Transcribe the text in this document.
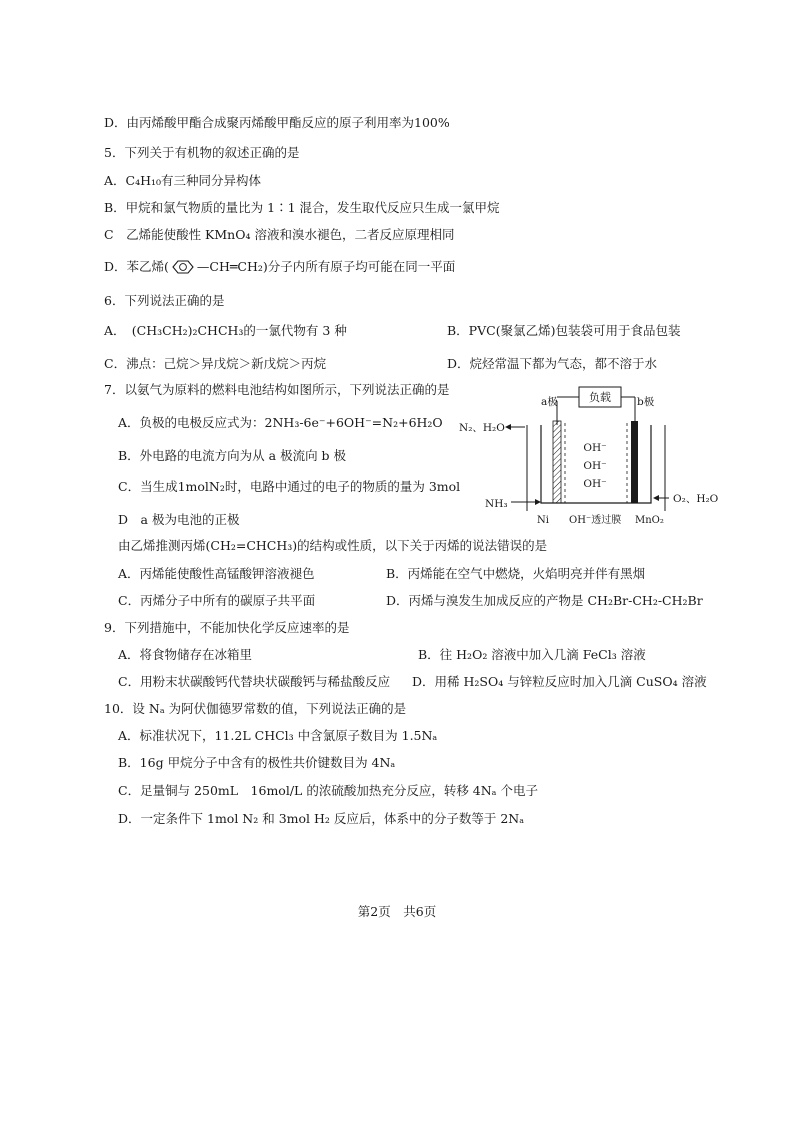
D．由丙烯酸甲酯合成聚丙烯酸甲酯反应的原子利用率为100%
5．下列关于有机物的叙述正确的是
A．C₄H₁₀有三种同分异构体
B．甲烷和氯气物质的量比为 1∶1 混合，发生取代反应只生成一氯甲烷
C　乙烯能使酸性 KMnO₄ 溶液和溴水褪色，二者反应原理相同
D．苯乙烯( —CH═CH₂)分子内所有原子均可能在同一平面
6．下列说法正确的是
A．　(CH₃CH₂)₂CHCH₃的一氯代物有 3 种	B．PVC(聚氯乙烯)包装袋可用于食品包装
C．沸点：己烷＞异戊烷＞新戊烷＞丙烷	D．烷烃常温下都为气态，都不溶于水
7．以氨气为原料的燃料电池结构如图所示，下列说法正确的是
A．负极的电极反应式为：2NH₃-6e⁻+6OH⁻=N₂+6H₂O
B．外电路的电流方向为从 a 极流向 b 极
C．当生成1molN₂时，电路中通过的电子的物质的量为 3mol
D　a 极为电池的正极
负载
a极	b极
OH⁻
OH⁻
OH⁻
N₂、H₂O
NH₃	O₂、H₂O
Ni OH⁻透过膜 MnO₂
由乙烯推测丙烯(CH₂=CHCH₃)的结构或性质，以下关于丙烯的说法错误的是
A．丙烯能使酸性高锰酸钾溶液褪色	B．丙烯能在空气中燃烧，火焰明亮并伴有黑烟
C．丙烯分子中所有的碳原子共平面	D．丙烯与溴发生加成反应的产物是 CH₂Br-CH₂-CH₂Br
9．下列措施中，不能加快化学反应速率的是
A．将食物储存在冰箱里	B．往 H₂O₂ 溶液中加入几滴 FeCl₃ 溶液
C．用粉末状碳酸钙代替块状碳酸钙与稀盐酸反应 D．用稀 H₂SO₄ 与锌粒反应时加入几滴 CuSO₄ 溶液
10．设 Nₐ 为阿伏伽德罗常数的值，下列说法正确的是
A．标准状况下，11.2L CHCl₃ 中含氯原子数目为 1.5Nₐ
B．16g 甲烷分子中含有的极性共价键数目为 4Nₐ
C．足量铜与 250mL　16mol/L 的浓硫酸加热充分反应，转移 4Nₐ 个电子
D．一定条件下 1mol N₂ 和 3mol H₂ 反应后，体系中的分子数等于 2Nₐ
第2页　共6页
